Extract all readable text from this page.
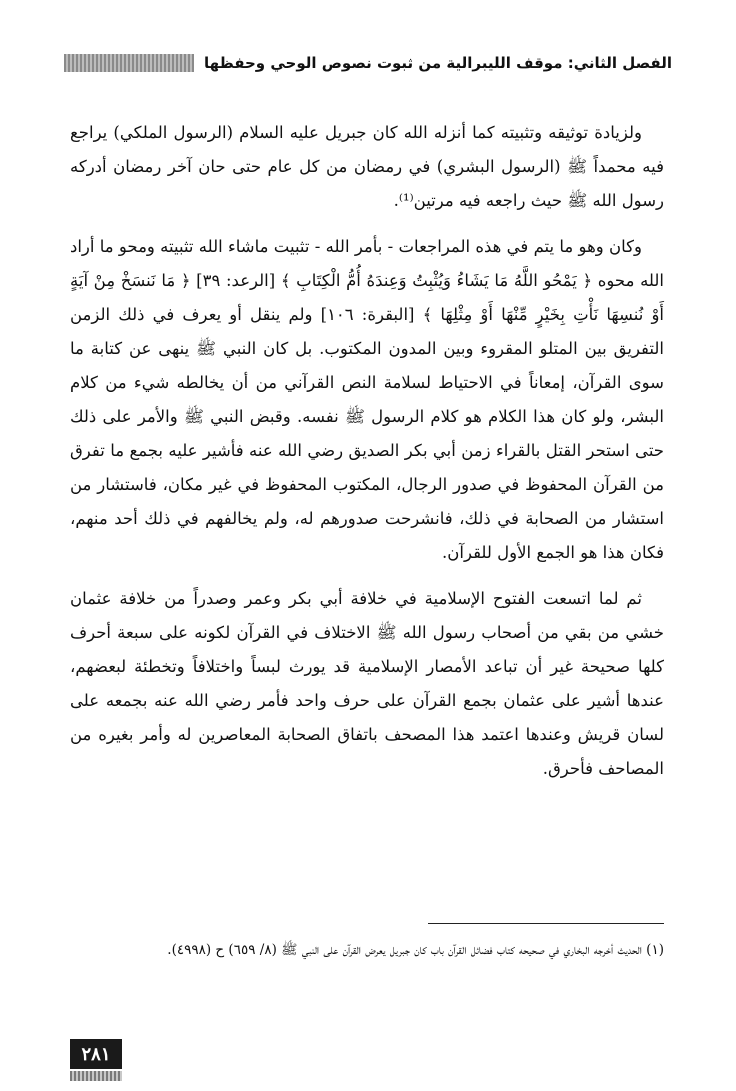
الفصل الثاني: موقف الليبرالية من ثبوت نصوص الوحي وحفظها

ولزيادة توثيقه وتثبيته كما أنزله الله كان جبريل عليه السلام (الرسول الملكي) يراجع فيه محمداً ﷺ (الرسول البشري) في رمضان من كل عام حتى حان آخر رمضان أدركه رسول الله ﷺ حيث راجعه فيه مرتين⁽¹⁾.

وكان وهو ما يتم في هذه المراجعات - بأمر الله - تثبيت ماشاء الله تثبيته ومحو ما أراد الله محوه ﴿ يَمْحُو اللَّهُ مَا يَشَاءُ وَيُثْبِتُ وَعِندَهُ أُمُّ الْكِتَابِ ﴾ [الرعد: ٣٩] ﴿ مَا نَنسَخْ مِنْ آيَةٍ أَوْ نُنسِهَا نَأْتِ بِخَيْرٍ مِّنْهَا أَوْ مِثْلِهَا ﴾ [البقرة: ١٠٦] ولم ينقل أو يعرف في ذلك الزمن التفريق بين المتلو المقروء وبين المدون المكتوب. بل كان النبي ﷺ ينهى عن كتابة ما سوى القرآن، إمعاناً في الاحتياط لسلامة النص القرآني من أن يخالطه شيء من كلام البشر، ولو كان هذا الكلام هو كلام الرسول ﷺ نفسه. وقبض النبي ﷺ والأمر على ذلك حتى استحر القتل بالقراء زمن أبي بكر الصديق رضي الله عنه فأشير عليه بجمع ما تفرق من القرآن المحفوظ في صدور الرجال، المكتوب المحفوظ في غير مكان، فاستشار من استشار من الصحابة في ذلك، فانشرحت صدورهم له، ولم يخالفهم في ذلك أحد منهم، فكان هذا هو الجمع الأول للقرآن.

ثم لما اتسعت الفتوح الإسلامية في خلافة أبي بكر وعمر وصدراً من خلافة عثمان خشي من بقي من أصحاب رسول الله ﷺ الاختلاف في القرآن لكونه على سبعة أحرف كلها صحيحة غير أن تباعد الأمصار الإسلامية قد يورث لبساً واختلافاً وتخطئة لبعضهم، عندها أشير على عثمان بجمع القرآن على حرف واحد فأمر رضي الله عنه بجمعه على لسان قريش وعندها اعتمد هذا المصحف باتفاق الصحابة المعاصرين له وأمر بغيره من المصاحف فأحرق.

(١) الحديث أخرجه البخاري في صحيحه كتاب فضائل القرآن باب كان جبريل يعرض القرآن على النبي ﷺ (٨/ ٦٥٩) ح (٤٩٩٨).

٢٨١
